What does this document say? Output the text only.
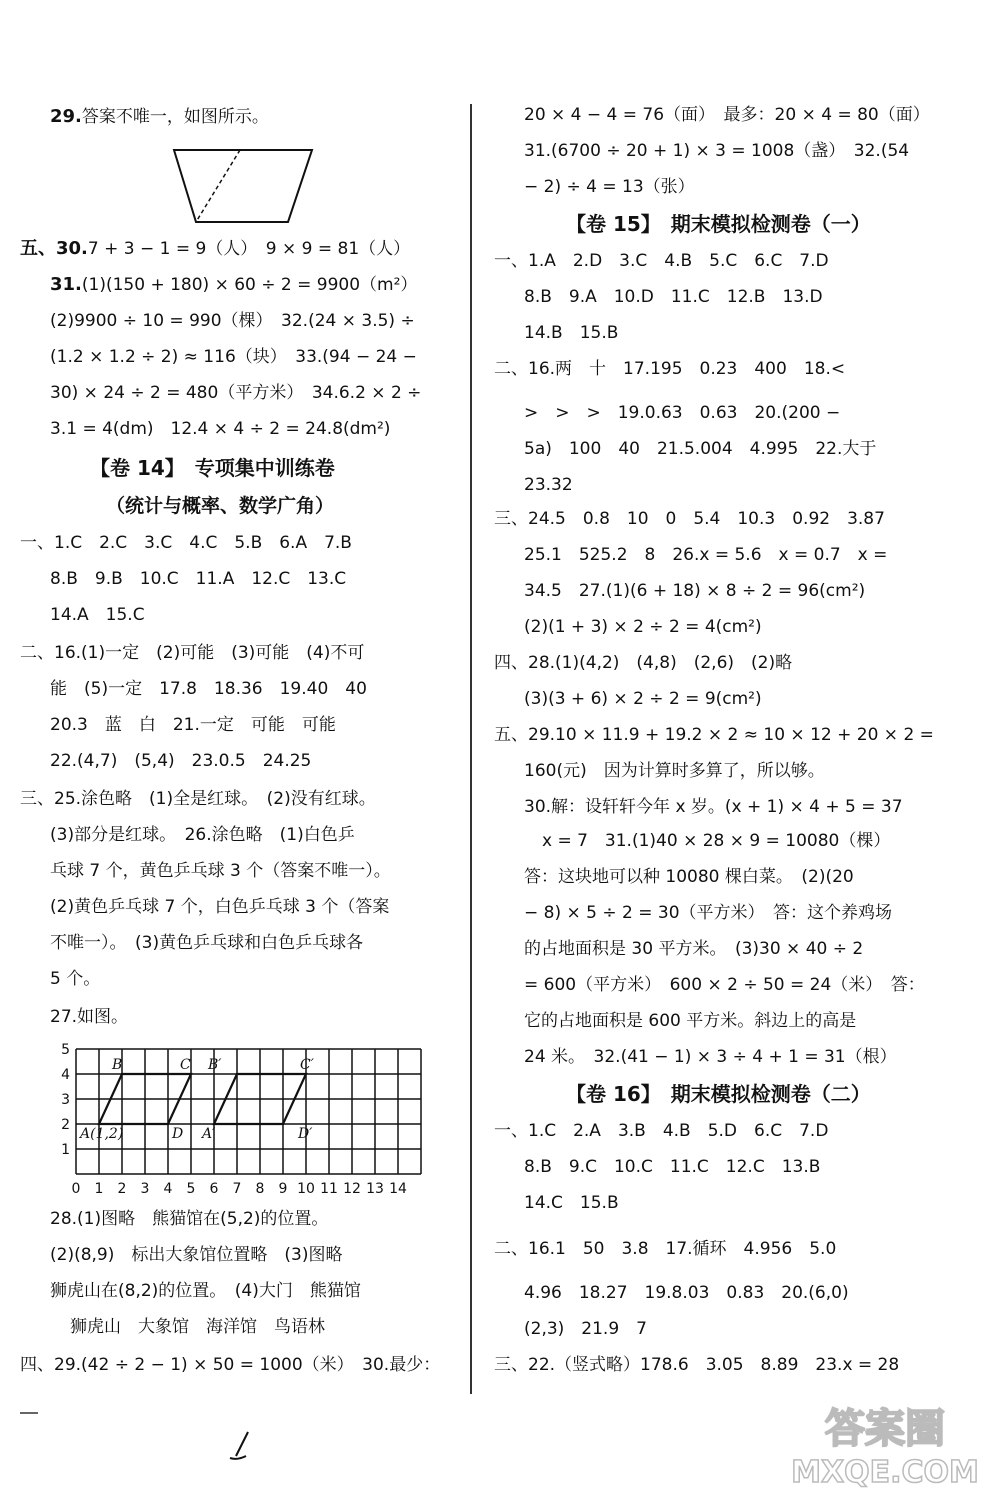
29.答案不唯一，如图所示。
五、30.7 + 3 − 1 = 9（人）　9 × 9 = 81（人）
31.(1)(150 + 180) × 60 ÷ 2 = 9900（m²）
(2)9900 ÷ 10 = 990（棵）　32.(24 × 3.5) ÷
(1.2 × 1.2 ÷ 2) ≈ 116（块）　33.(94 − 24 −
30) × 24 ÷ 2 = 480（平方米）　34.6.2 × 2 ÷
3.1 = 4(dm)　12.4 × 4 ÷ 2 = 24.8(dm²)
【卷 14】　专项集中训练卷
（统计与概率、数学广角）
一、1.C　2.C　3.C　4.C　5.B　6.A　7.B
8.B　9.B　10.C　11.A　12.C　13.C
14.A　15.C
二、16.(1)一定　(2)可能　(3)可能　(4)不可
能　(5)一定　17.8　18.36　19.40　40
20.3　蓝　白　21.一定　可能　可能
22.(4,7)　(5,4)　23.0.5　24.25
三、25.涂色略　(1)全是红球。　(2)没有红球。
(3)部分是红球。　26.涂色略　(1)白色乒
乓球 7 个，黄色乒乓球 3 个（答案不唯一）。
(2)黄色乒乓球 7 个，白色乒乓球 3 个（答案
不唯一）。　(3)黄色乒乓球和白色乒乓球各
5 个。
27.如图。
A(1,2)
B	C
D
B′
A′
C′
D′
5
4
3
2
1
0 1 2 3 4 5 6 7 8 9 10 11 12 13 14
28.(1)图略　熊猫馆在(5,2)的位置。
(2)(8,9)　标出大象馆位置略　(3)图略
狮虎山在(8,2)的位置。　(4)大门　熊猫馆
狮虎山　大象馆　海洋馆　鸟语林
四、29.(42 ÷ 2 − 1) × 50 = 1000（米）　30.最少：
20 × 4 − 4 = 76（面）　最多：20 × 4 = 80（面）
31.(6700 ÷ 20 + 1) × 3 = 1008（盏）　32.(54
− 2) ÷ 4 = 13（张）
【卷 15】　期末模拟检测卷（一）
一、1.A　2.D　3.C　4.B　5.C　6.C　7.D
8.B　9.A　10.D　11.C　12.B　13.D
14.B　15.B
二、16.两　十　17.195　0.23　400　18.<
>　>　>　19.0.63　0.63　20.(200 −
5a)　100　40　21.5.004　4.995　22.大于
23.32
三、24.5　0.8　10　0　5.4　10.3　0.92　3.87
25.1　525.2　8　26.x = 5.6　x = 0.7　x =
34.5　27.(1)(6 + 18) × 8 ÷ 2 = 96(cm²)
(2)(1 + 3) × 2 ÷ 2 = 4(cm²)
四、28.(1)(4,2)　(4,8)　(2,6)　(2)略
(3)(3 + 6) × 2 ÷ 2 = 9(cm²)
五、29.10 × 11.9 + 19.2 × 2 ≈ 10 × 12 + 20 × 2 =
160(元)　因为计算时多算了，所以够。
30.解：设轩轩今年 x 岁。(x + 1) × 4 + 5 = 37
x = 7　31.(1)40 × 28 × 9 = 10080（棵）
答：这块地可以种 10080 棵白菜。　(2)(20
− 8) × 5 ÷ 2 = 30（平方米）　答：这个养鸡场
的占地面积是 30 平方米。　(3)30 × 40 ÷ 2
= 600（平方米）　600 × 2 ÷ 50 = 24（米）　答：
它的占地面积是 600 平方米。斜边上的高是
24 米。　32.(41 − 1) × 3 ÷ 4 + 1 = 31（根）
【卷 16】　期末模拟检测卷（二）
一、1.C　2.A　3.B　4.B　5.D　6.C　7.D
8.B　9.C　10.C　11.C　12.C　13.B
14.C　15.B
二、16.1　50　3.8　17.循环　4.956　5.0
4.96　18.27　19.8.03　0.83　20.(6,0)
(2,3)　21.9　7
三、22.（竖式略）178.6　3.05　8.89　23.x = 28
答案圈
MXQE.COM
